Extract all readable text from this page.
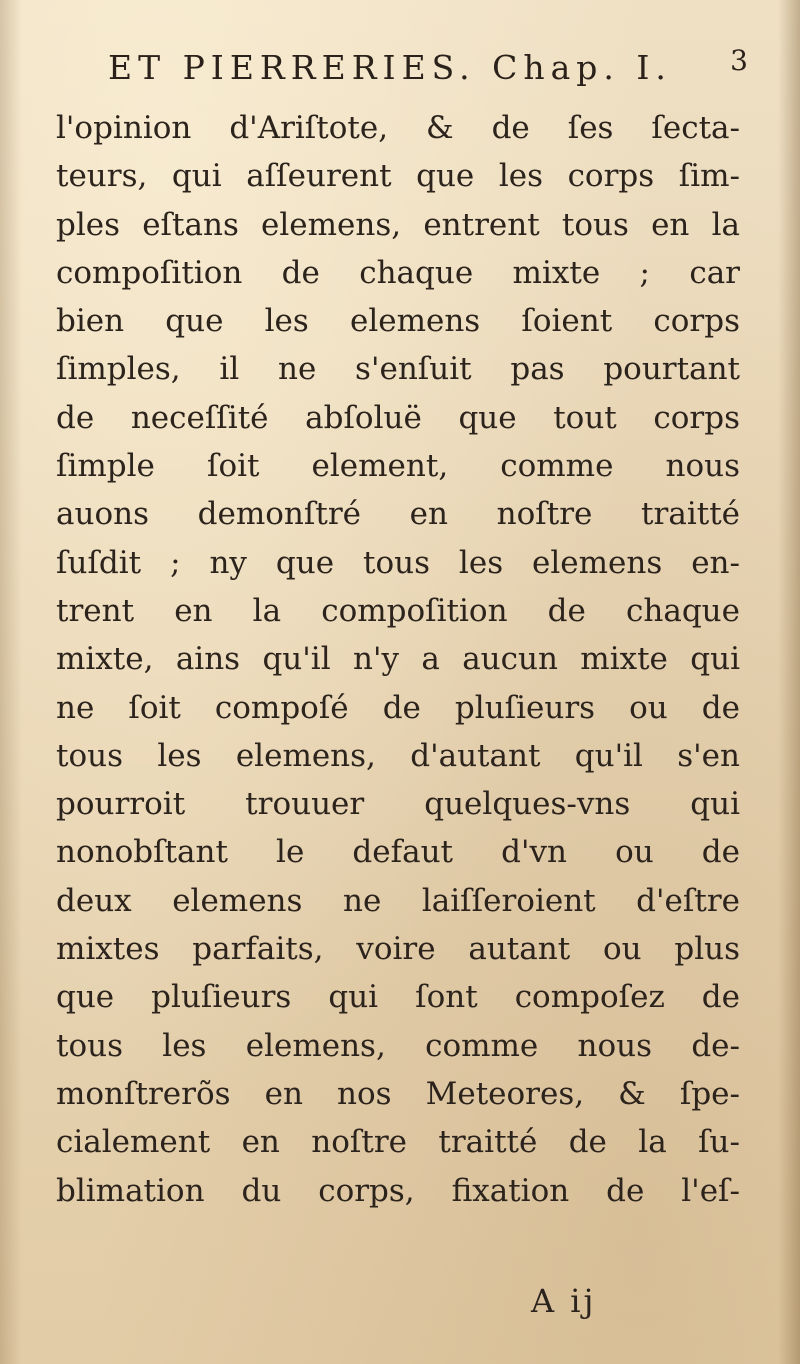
ET PIERRERIES. Chap. I. 3
l'opinion d'Ariſtote, & de ſes ſecta-
teurs, qui aſſeurent que les corps ſim-
ples eſtans elemens, entrent tous en la
compoſition de chaque mixte ; car
bien que les elemens ſoient corps
ſimples, il ne s'enſuit pas pourtant
de neceſſité abſoluë que tout corps
ſimple ſoit element, comme nous
auons demonſtré en noſtre traitté
ſuſdit ; ny que tous les elemens en-
trent en la compoſition de chaque
mixte, ains qu'il n'y a aucun mixte qui
ne ſoit compoſé de pluſieurs ou de
tous les elemens, d'autant qu'il s'en
pourroit trouuer quelques-vns qui
nonobſtant le defaut d'vn ou de
deux elemens ne laiſſeroient d'eſtre
mixtes parfaits, voire autant ou plus
que pluſieurs qui ſont compoſez de
tous les elemens, comme nous de-
monſtrerõs en nos Meteores, & ſpe-
cialement en noſtre traitté de la ſu-
blimation du corps, fixation de l'eſ-
A ij
